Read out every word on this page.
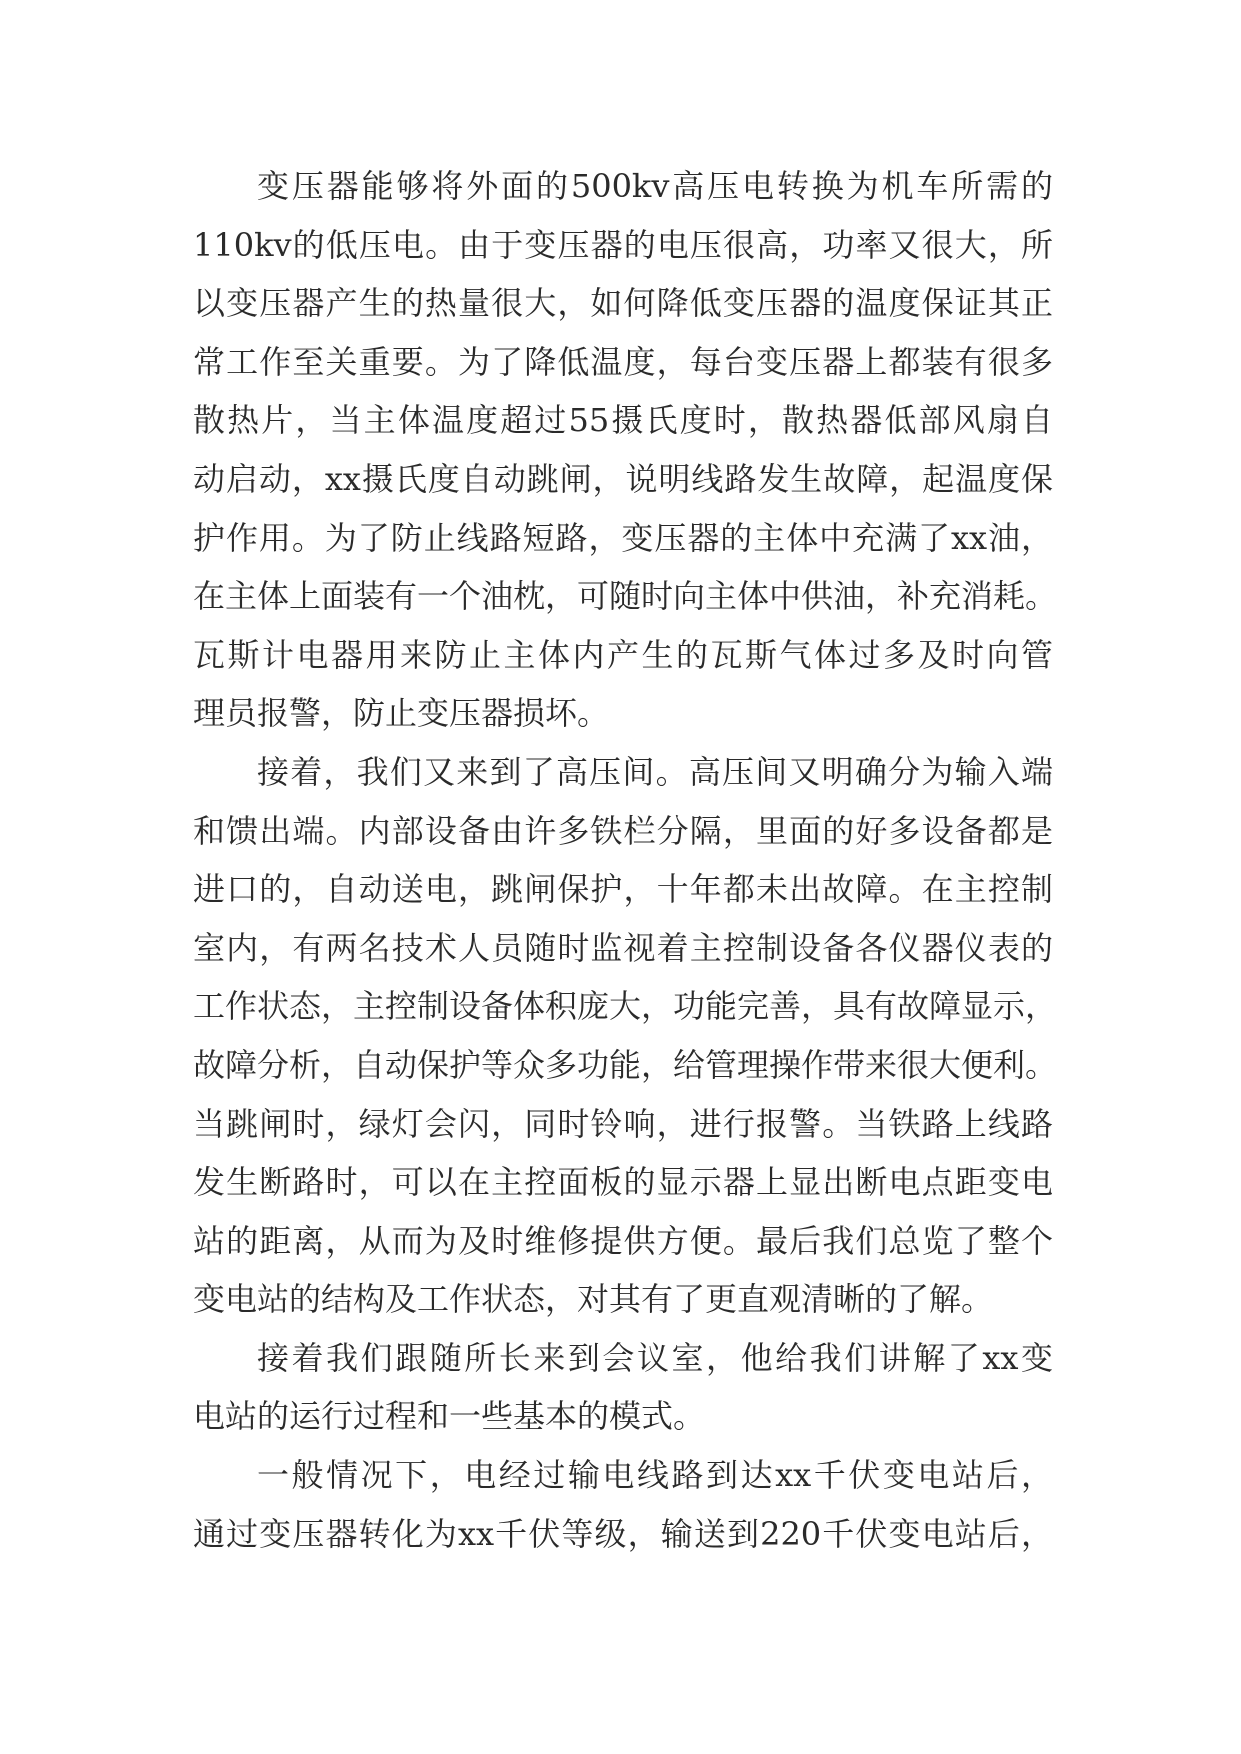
变压器能够将外面的500kv高压电转换为机车所需的
110kv的低压电。由于变压器的电压很高，功率又很大，所
以变压器产生的热量很大，如何降低变压器的温度保证其正
常工作至关重要。为了降低温度，每台变压器上都装有很多
散热片，当主体温度超过55摄氏度时，散热器低部风扇自
动启动，xx摄氏度自动跳闸，说明线路发生故障，起温度保
护作用。为了防止线路短路，变压器的主体中充满了xx油，
在主体上面装有一个油枕，可随时向主体中供油，补充消耗。
瓦斯计电器用来防止主体内产生的瓦斯气体过多及时向管
理员报警，防止变压器损坏。
接着，我们又来到了高压间。高压间又明确分为输入端
和馈出端。内部设备由许多铁栏分隔，里面的好多设备都是
进口的，自动送电，跳闸保护，十年都未出故障。在主控制
室内，有两名技术人员随时监视着主控制设备各仪器仪表的
工作状态，主控制设备体积庞大，功能完善，具有故障显示，
故障分析，自动保护等众多功能，给管理操作带来很大便利。
当跳闸时，绿灯会闪，同时铃响，进行报警。当铁路上线路
发生断路时，可以在主控面板的显示器上显出断电点距变电
站的距离，从而为及时维修提供方便。最后我们总览了整个
变电站的结构及工作状态，对其有了更直观清晰的了解。
接着我们跟随所长来到会议室，他给我们讲解了xx变
电站的运行过程和一些基本的模式。
一般情况下，电经过输电线路到达xx千伏变电站后，
通过变压器转化为xx千伏等级，输送到220千伏变电站后，
